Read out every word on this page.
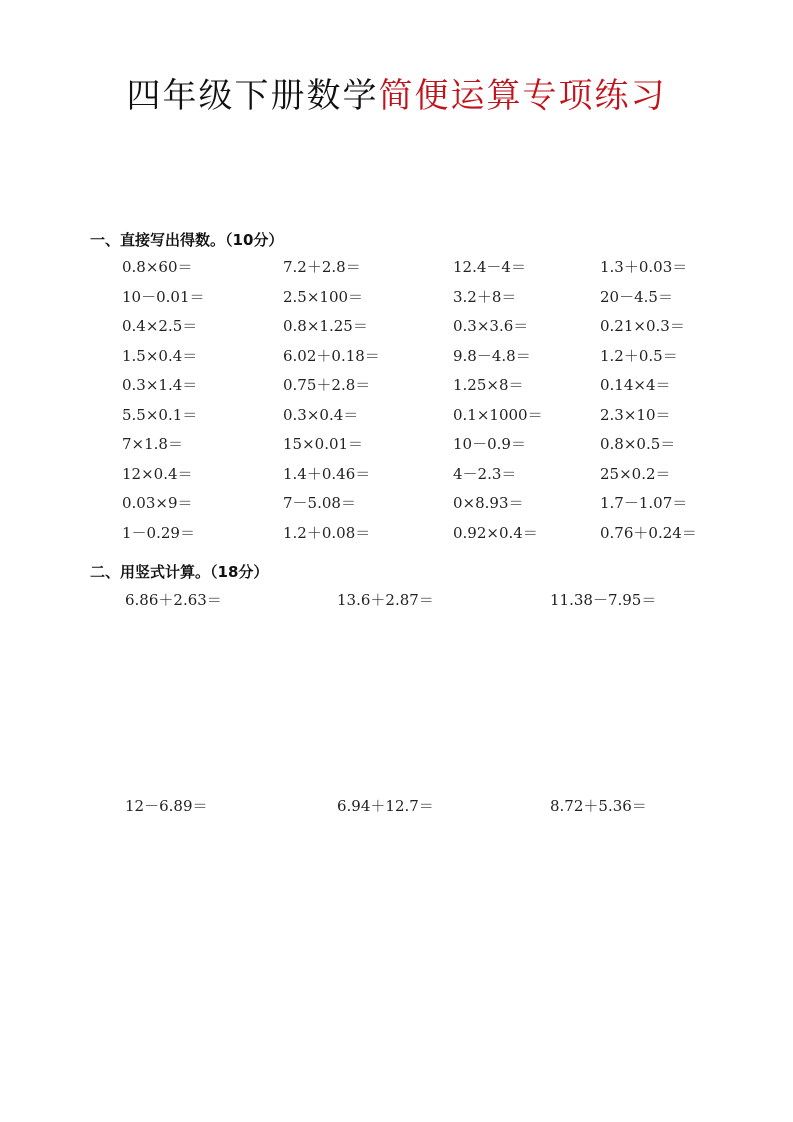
四年级下册数学简便运算专项练习
一、直接写出得数。（10分）
0.8×60＝	7.2＋2.8＝	12.4－4＝	1.3＋0.03＝
10－0.01＝	2.5×100＝	3.2＋8＝	20－4.5＝
0.4×2.5＝	0.8×1.25＝	0.3×3.6＝	0.21×0.3＝
1.5×0.4＝	6.02＋0.18＝	9.8－4.8＝	1.2＋0.5＝
0.3×1.4＝	0.75＋2.8＝	1.25×8＝	0.14×4＝
5.5×0.1＝	0.3×0.4＝	0.1×1000＝	2.3×10＝
7×1.8＝	15×0.01＝	10－0.9＝	0.8×0.5＝
12×0.4＝	1.4＋0.46＝	4－2.3＝	25×0.2＝
0.03×9＝	7－5.08＝	0×8.93＝	1.7－1.07＝
1－0.29＝	1.2＋0.08＝	0.92×0.4＝	0.76＋0.24＝
二、用竖式计算。（18分）
6.86＋2.63＝	13.6＋2.87＝	11.38－7.95＝
12－6.89＝	6.94＋12.7＝	8.72＋5.36＝
